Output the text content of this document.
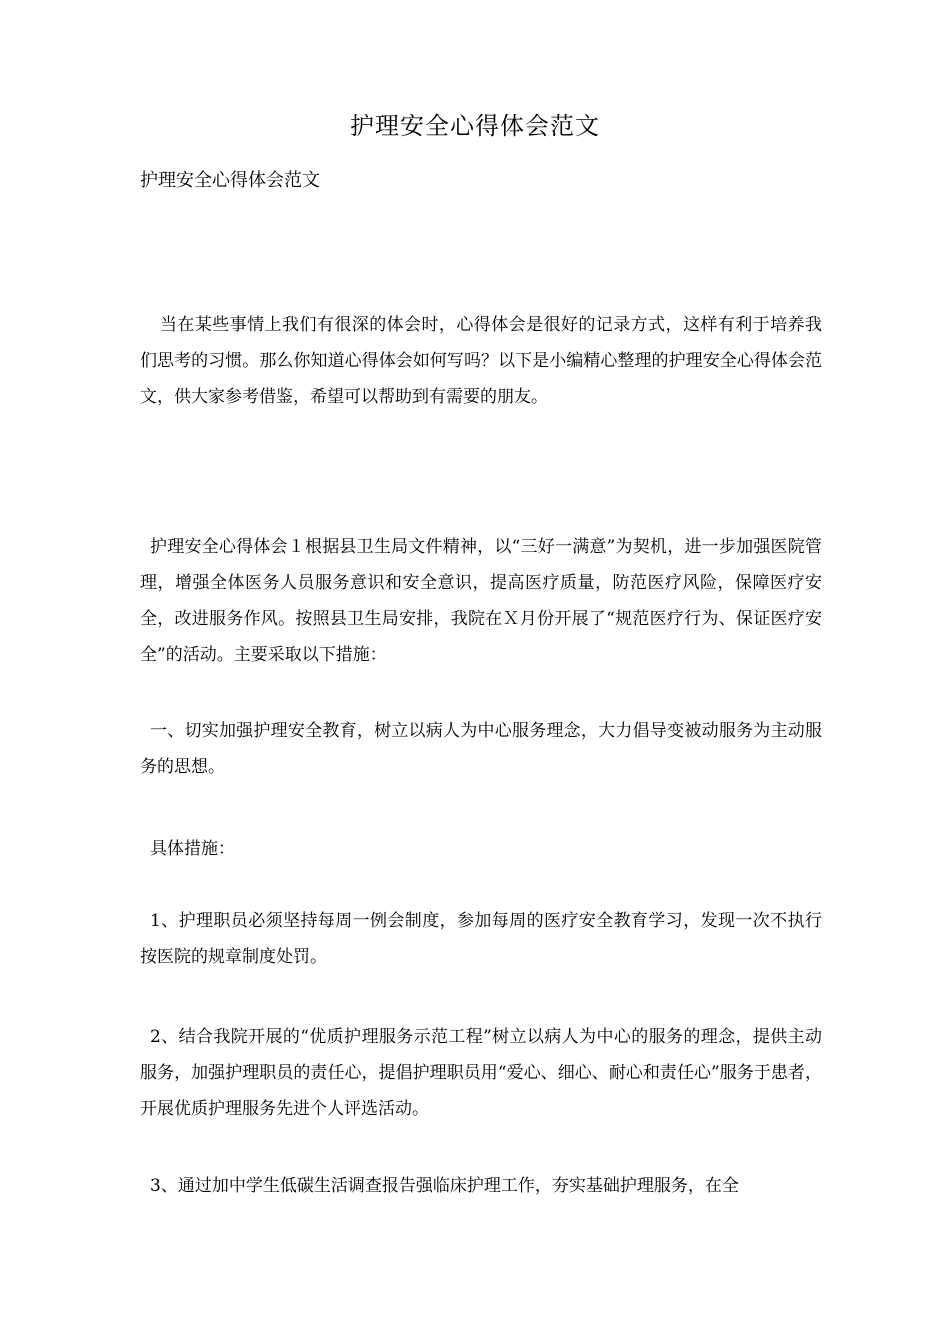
护理安全心得体会范文
护理安全心得体会范文
当在某些事情上我们有很深的体会时，心得体会是很好的记录方式，这样有利于培养我们思考的习惯。那么你知道心得体会如何写吗？以下是小编精心整理的护理安全心得体会范文，供大家参考借鉴，希望可以帮助到有需要的朋友。
护理安全心得体会１根据县卫生局文件精神，以“三好一满意”为契机，进一步加强医院管理，增强全体医务人员服务意识和安全意识，提高医疗质量，防范医疗风险，保障医疗安全，改进服务作风。按照县卫生局安排，我院在Ｘ月份开展了“规范医疗行为、保证医疗安全”的活动。主要采取以下措施：
一、切实加强护理安全教育，树立以病人为中心服务理念，大力倡导变被动服务为主动服务的思想。
具体措施：
1、护理职员必须坚持每周一例会制度，参加每周的医疗安全教育学习，发现一次不执行按医院的规章制度处罚。
2、结合我院开展的“优质护理服务示范工程”树立以病人为中心的服务的理念，提供主动服务，加强护理职员的责任心，提倡护理职员用“爱心、细心、耐心和责任心”服务于患者，开展优质护理服务先进个人评选活动。
3、通过加中学生低碳生活调查报告强临床护理工作，夯实基础护理服务，在全
